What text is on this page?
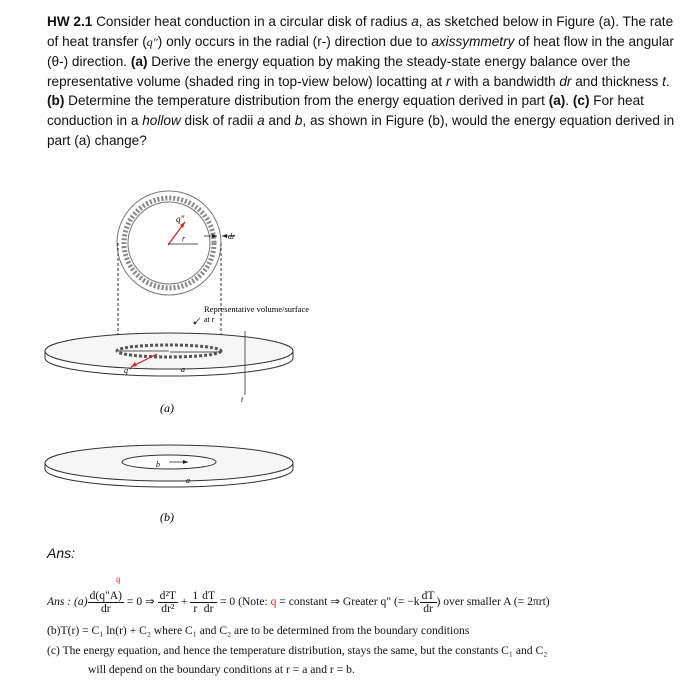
HW 2.1 Consider heat conduction in a circular disk of radius a, as sketched below in Figure (a). The rate of heat transfer (q") only occurs in the radial (r-) direction due to axissymmetry of heat flow in the angular (θ-) direction. (a) Derive the energy equation by making the steady-state energy balance over the representative volume (shaded ring in top-view below) locatting at r with a bandwidth dr and thickness t. (b) Determine the temperature distribution from the energy equation derived in part (a). (c) For heat conduction in a hollow disk of radii a and b, as shown in Figure (b), would the energy equation derived in part (a) change?
q"
r	dr
Representative volume/surface
at r
q"	a
t
(a)
b
a
(b)
Ans:
q
Ans : $(a) \frac{d(q"A)}{dr} = 0$ ⇒ $\frac{\text{d²T}}{\text{dr²}} + \frac{1}{r} \frac{dT}{dr} = 0$ (Note: q = constant ⇒ Greater q" (= $-k \frac{dT}{dr}$ ) over smaller A (= 2πrt)
(b)T(r) = C₁ ln(r) + C₂ where C₁ and C₂ are to be determined from the boundary conditions
(c) The energy equation, and hence the temperature distribution, stays the same, but the constants C₁ and C₂
will depend on the boundary conditions at r = a and r = b.
